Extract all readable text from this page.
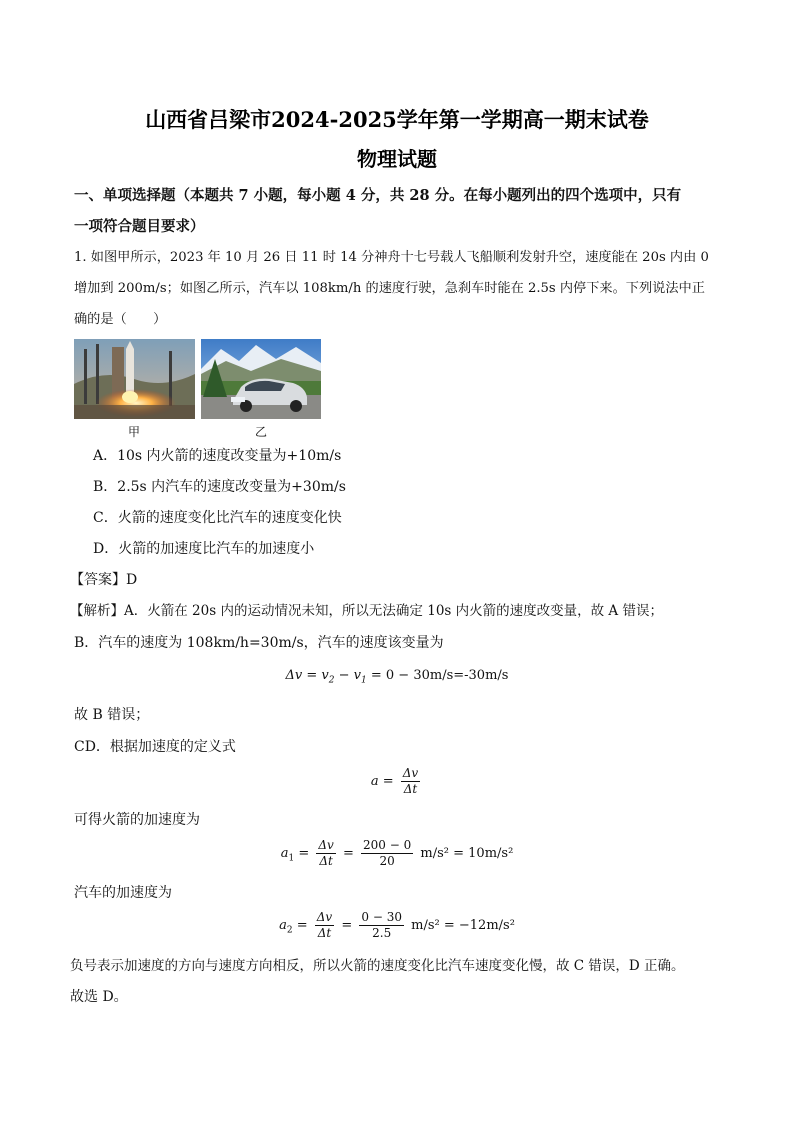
山西省吕梁市2024-2025学年第一学期高一期末试卷
物理试题
一、单项选择题（本题共 7 小题，每小题 4 分，共 28 分。在每小题列出的四个选项中，只有
一项符合题目要求）
1. 如图甲所示，2023 年 10 月 26 日 11 时 14 分神舟十七号载人飞船顺利发射升空，速度能在 20s 内由 0
增加到 200m/s；如图乙所示，汽车以 108km/h 的速度行驶，急刹车时能在 2.5s 内停下来。下列说法中正
确的是（　　）
甲	乙
A．10s 内火箭的速度改变量为+10m/s
B．2.5s 内汽车的速度改变量为+30m/s
C．火箭的速度变化比汽车的速度变化快
D．火箭的加速度比汽车的加速度小
【答案】D
【解析】A．火箭在 20s 内的运动情况未知，所以无法确定 10s 内火箭的速度改变量，故 A 错误；
B．汽车的速度为 108km/h=30m/s，汽车的速度该变量为
$\Delta v = v_2 - v_1 = 0 - 30m/s=-30m/s$
故 B 错误；
CD．根据加速度的定义式
$a = \frac{\Delta v}{\Delta t}$
可得火箭的加速度为
$a_1 = \frac{\Delta v}{\Delta t} = \frac{200 - 0}{20} m/s^2 = 10m/s^2$
汽车的加速度为
$a_2 = \frac{\Delta v}{\Delta t} = \frac{0 - 30}{2.5} m/s^2 = -12m/s^2$
负号表示加速度的方向与速度方向相反，所以火箭的速度变化比汽车速度变化慢，故 C 错误，D 正确。
故选 D。
